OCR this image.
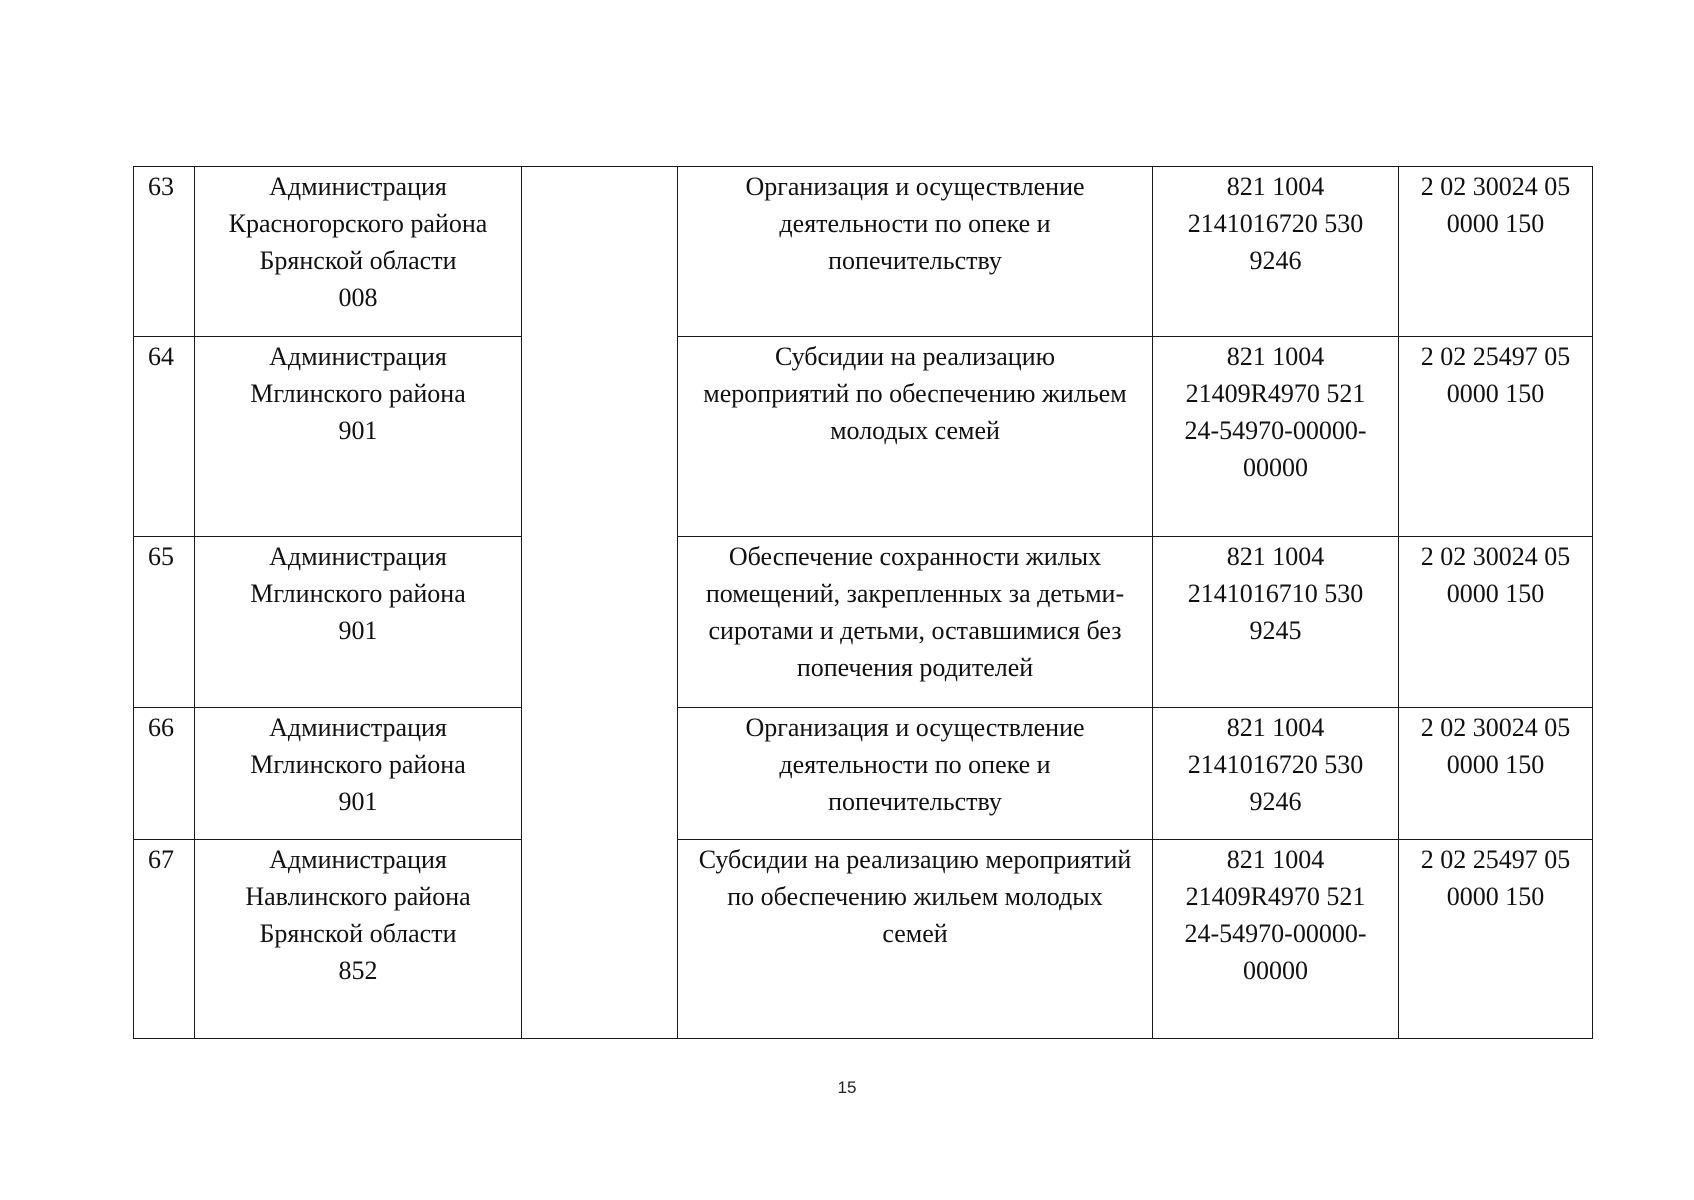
63	Администрация
Красногорского района
Брянской области
008		Организация и осуществление
деятельности по опеке и
попечительству	821 1004
2141016720 530
9246	2 02 30024 05
0000 150

64	Администрация
Мглинского района
901		Субсидии на реализацию
мероприятий по обеспечению жильем
молодых семей	821 1004
21409R4970 521
24-54970-00000-
00000	2 02 25497 05
0000 150

65	Администрация
Мглинского района
901		Обеспечение сохранности жилых
помещений, закрепленных за детьми-
сиротами и детьми, оставшимися без
попечения родителей	821 1004
2141016710 530
9245	2 02 30024 05
0000 150

66	Администрация
Мглинского района
901		Организация и осуществление
деятельности по опеке и
попечительству	821 1004
2141016720 530
9246	2 02 30024 05
0000 150

67	Администрация
Навлинского района
Брянской области
852		Субсидии на реализацию мероприятий
по обеспечению жильем молодых
семей	821 1004
21409R4970 521
24-54970-00000-
00000	2 02 25497 05
0000 150
15
